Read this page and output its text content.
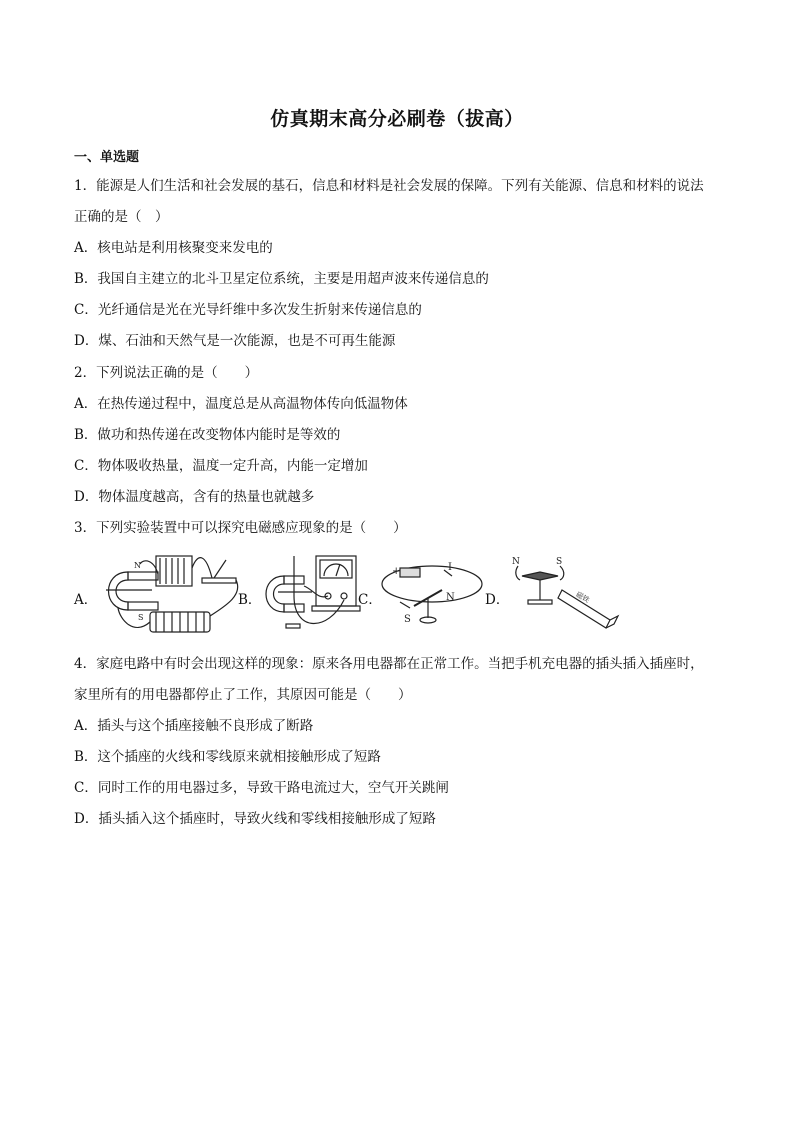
仿真期末高分必刷卷（拔高）
一、单选题
1．能源是人们生活和社会发展的基石，信息和材料是社会发展的保障。下列有关能源、信息和材料的说法
正确的是（　）
A．核电站是利用核聚变来发电的
B．我国自主建立的北斗卫星定位系统，主要是用超声波来传递信息的
C．光纤通信是光在光导纤维中多次发生折射来传递信息的
D．煤、石油和天然气是一次能源，也是不可再生能源
2．下列说法正确的是（　　）
A．在热传递过程中，温度总是从高温物体传向低温物体
B．做功和热传递在改变物体内能时是等效的
C．物体吸收热量，温度一定升高，内能一定增加
D．物体温度越高，含有的热量也就越多
3．下列实验装置中可以探究电磁感应现象的是（　　）
A．
N
S
B．	C．
+	I
S
N D．
N	S
磁铁
4．家庭电路中有时会出现这样的现象：原来各用电器都在正常工作。当把手机充电器的插头插入插座时，
家里所有的用电器都停止了工作，其原因可能是（　　）
A．插头与这个插座接触不良形成了断路
B．这个插座的火线和零线原来就相接触形成了短路
C．同时工作的用电器过多，导致干路电流过大，空气开关跳闸
D．插头插入这个插座时，导致火线和零线相接触形成了短路
